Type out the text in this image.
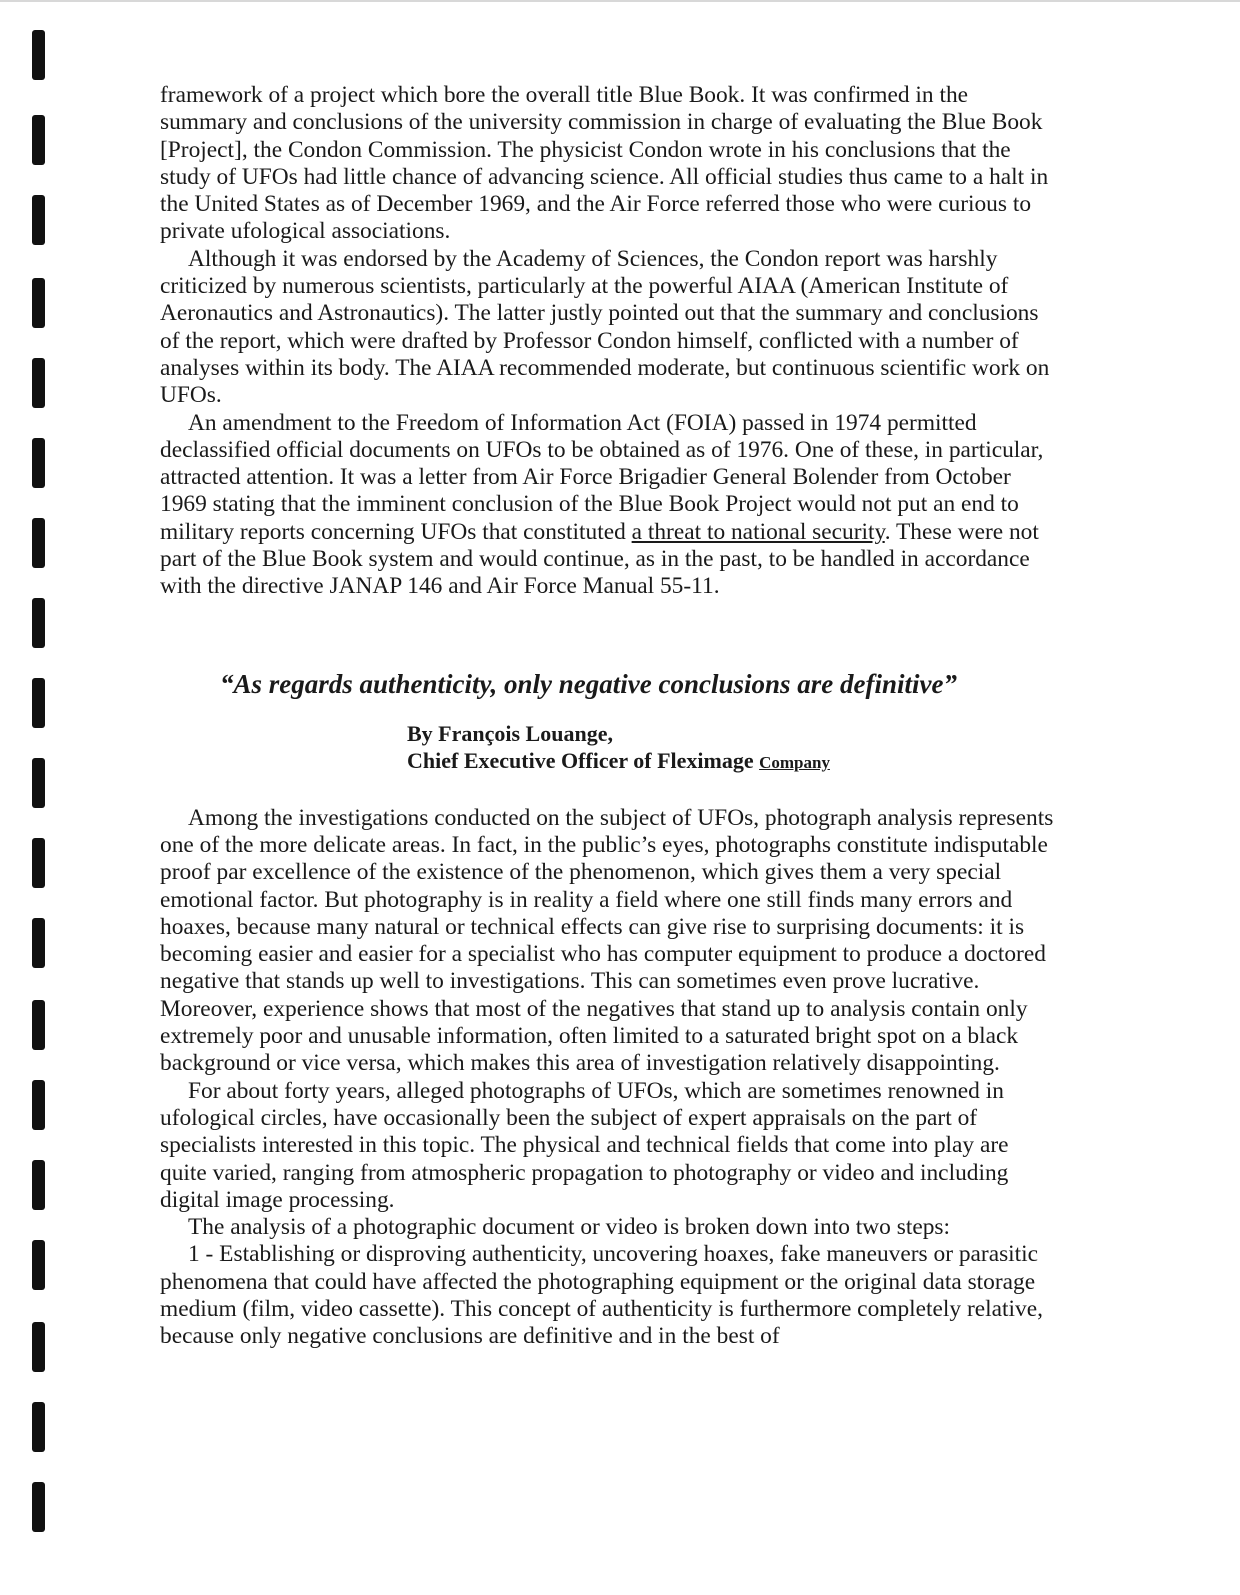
framework of a project which bore the overall title Blue Book. It was confirmed in the summary and conclusions of the university commission in charge of evaluating the Blue Book [Project], the Condon Commission. The physicist Condon wrote in his conclusions that the study of UFOs had little chance of advancing science. All official studies thus came to a halt in the United States as of December 1969, and the Air Force referred those who were curious to private ufological associations.

Although it was endorsed by the Academy of Sciences, the Condon report was harshly criticized by numerous scientists, particularly at the powerful AIAA (American Institute of Aeronautics and Astronautics). The latter justly pointed out that the summary and conclusions of the report, which were drafted by Professor Condon himself, conflicted with a number of analyses within its body. The AIAA recommended moderate, but continuous scientific work on UFOs.

An amendment to the Freedom of Information Act (FOIA) passed in 1974 permitted declassified official documents on UFOs to be obtained as of 1976. One of these, in particular, attracted attention. It was a letter from Air Force Brigadier General Bolender from October 1969 stating that the imminent conclusion of the Blue Book Project would not put an end to military reports concerning UFOs that constituted a threat to national security. These were not part of the Blue Book system and would continue, as in the past, to be handled in accordance with the directive JANAP 146 and Air Force Manual 55-11.

“As regards authenticity, only negative conclusions are definitive”
By François Louange,
Chief Executive Officer of Fleximage Company

Among the investigations conducted on the subject of UFOs, photograph analysis represents one of the more delicate areas. In fact, in the public’s eyes, photographs constitute indisputable proof par excellence of the existence of the phenomenon, which gives them a very special emotional factor. But photography is in reality a field where one still finds many errors and hoaxes, because many natural or technical effects can give rise to surprising documents: it is becoming easier and easier for a specialist who has computer equipment to produce a doctored negative that stands up well to investigations. This can sometimes even prove lucrative.

Moreover, experience shows that most of the negatives that stand up to analysis contain only extremely poor and unusable information, often limited to a saturated bright spot on a black background or vice versa, which makes this area of investigation relatively disappointing.

For about forty years, alleged photographs of UFOs, which are sometimes renowned in ufological circles, have occasionally been the subject of expert appraisals on the part of specialists interested in this topic. The physical and technical fields that come into play are quite varied, ranging from atmospheric propagation to photography or video and including digital image processing.

The analysis of a photographic document or video is broken down into two steps:

1 - Establishing or disproving authenticity, uncovering hoaxes, fake maneuvers or parasitic phenomena that could have affected the photographing equipment or the original data storage medium (film, video cassette). This concept of authenticity is furthermore completely relative, because only negative conclusions are definitive and in the best of
